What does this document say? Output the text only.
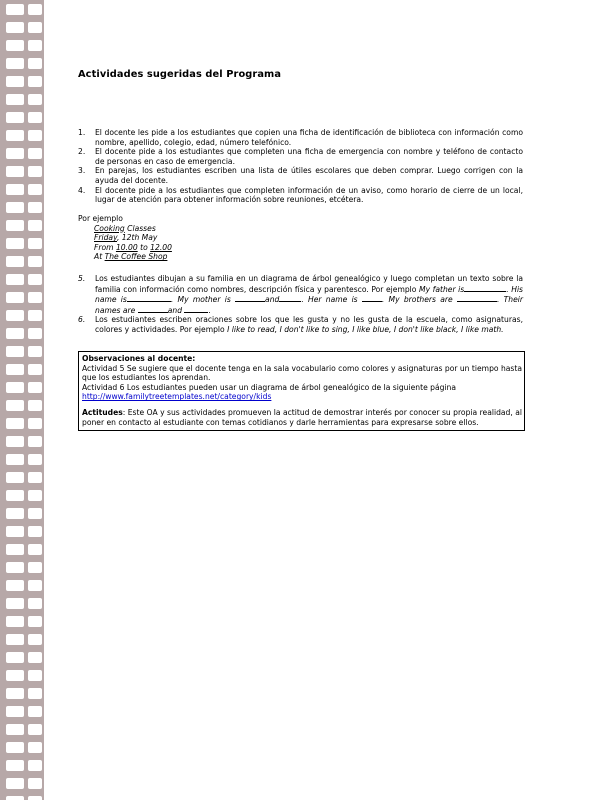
Actividades sugeridas del Programa
1. El docente les pide a los estudiantes que copien una ficha de identificación de biblioteca con información como nombre, apellido, colegio, edad, número telefónico.
2. El docente pide a los estudiantes que completen una ficha de emergencia con nombre y teléfono de contacto de personas en caso de emergencia.
3. En parejas, los estudiantes escriben una lista de útiles escolares que deben comprar. Luego corrigen con la ayuda del docente.
4. El docente pide a los estudiantes que completen información de un aviso, como horario de cierre de un local, lugar de atención para obtener información sobre reuniones, etcétera.
Por ejemplo
Cooking Classes
Friday, 12th May
From 10.00 to 12.00
At The Coffee Shop
5. Los estudiantes dibujan a su familia en un diagrama de árbol genealógico y luego completan un texto sobre la familia con información como nombres, descripción física y parentesco. Por ejemplo My father is	. His name is	. My mother is	and	. Her name is	. My brothers are	. Their names are	and	.
6. Los estudiantes escriben oraciones sobre los que les gusta y no les gusta de la escuela, como asignaturas, colores y actividades. Por ejemplo I like to read, I don't like to sing, I like blue, I don't like black, I like math.

Observaciones al docente:

Actividad 5 Se sugiere que el docente tenga en la sala vocabulario como colores y asignaturas por un tiempo hasta que los estudiantes los aprendan.

Actividad 6 Los estudiantes pueden usar un diagrama de árbol genealógico de la siguiente página

http://www.familytreetemplates.net/category/kids

Actitudes: Este OA y sus actividades promueven la actitud de demostrar interés por conocer su propia realidad, al poner en contacto al estudiante con temas cotidianos y darle herramientas para expresarse sobre ellos.
